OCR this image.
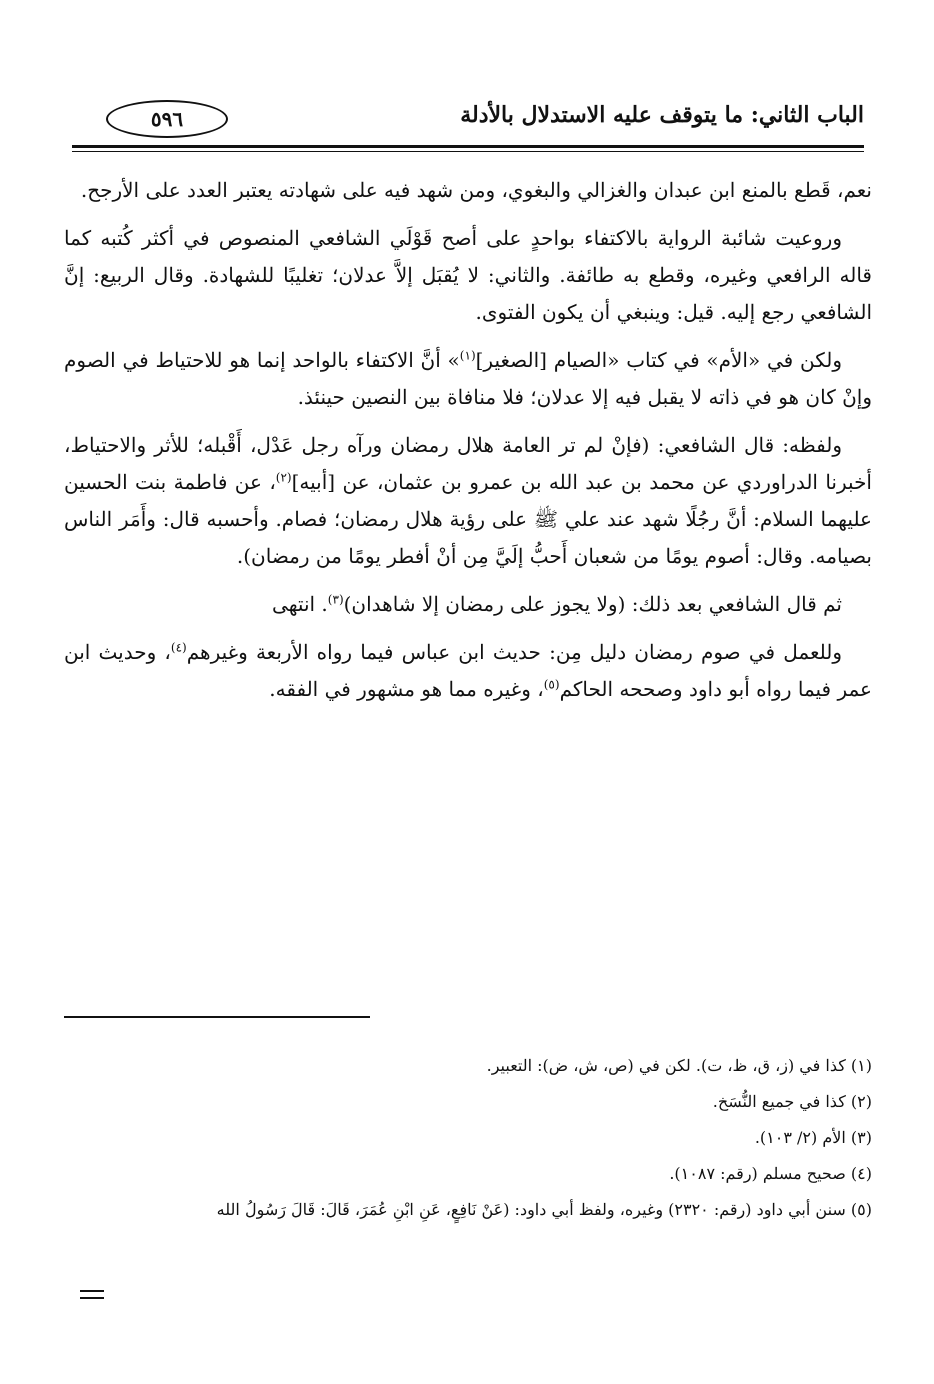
الباب الثاني: ما يتوقف عليه الاستدلال بالأدلة
٥٩٦

نعم، قَطع بالمنع ابن عبدان والغزالي والبغوي، ومن شهد فيه على شهادته يعتبر العدد على الأرجح.

وروعيت شائبة الرواية بالاكتفاء بواحدٍ على أصح قَوْلَي الشافعي المنصوص في أكثر كُتبه كما قاله الرافعي وغيره، وقطع به طائفة. والثاني: لا يُقبَل إلاَّ عدلان؛ تغليبًا للشهادة. وقال الربيع: إنَّ الشافعي رجع إليه. قيل: وينبغي أن يكون الفتوى.

ولكن في «الأم» في كتاب «الصيام [الصغير]$^{(١)}$» أنَّ الاكتفاء بالواحد إنما هو للاحتياط في الصوم وإنْ كان هو في ذاته لا يقبل فيه إلا عدلان؛ فلا منافاة بين النصين حينئذ.

ولفظه: قال الشافعي: (فإنْ لم تر العامة هلال رمضان ورآه رجل عَدْل، أَقْبله؛ للأثر والاحتياط، أخبرنا الدراوردي عن محمد بن عبد الله بن عمرو بن عثمان، عن [أبيه]$^{(٢)}$، عن فاطمة بنت الحسين عليهما السلام: أنَّ رجُلًا شهد عند علي ﷺ على رؤية هلال رمضان؛ فصام. وأحسبه قال: وأَمَر الناس بصيامه. وقال: أصوم يومًا من شعبان أَحبُّ إلَيَّ مِن أنْ أفطر يومًا من رمضان).

ثم قال الشافعي بعد ذلك: (ولا يجوز على رمضان إلا شاهدان)$^{(٣)}$. انتهى

وللعمل في صوم رمضان دليل مِن: حديث ابن عباس فيما رواه الأربعة وغيرهم$^{(٤)}$، وحديث ابن عمر فيما رواه أبو داود وصححه الحاكم$^{(٥)}$، وغيره مما هو مشهور في الفقه.

(١) كذا في (ز، ق، ظ، ت). لكن في (ص، ش، ض): التعبير.
(٢) كذا في جميع النُّسَخ.
(٣) الأم (٢/ ١٠٣).
(٤) صحيح مسلم (رقم: ١٠٨٧).
(٥) سنن أبي داود (رقم: ٢٣٢٠) وغيره، ولفظ أبي داود: (عَنْ نَافِعٍ، عَنِ ابْنِ عُمَرَ، قَالَ: قَالَ رَسُولُ الله
